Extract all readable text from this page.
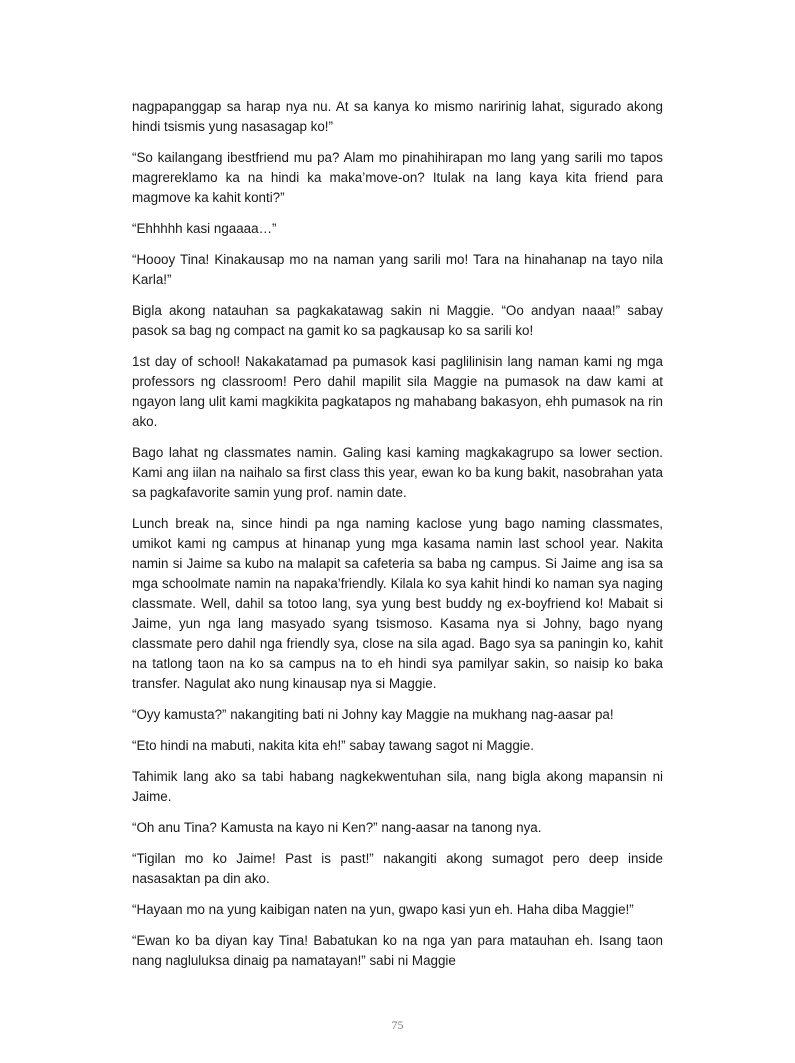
nagpapanggap sa harap nya nu. At sa kanya ko mismo naririnig lahat, sigurado akong hindi tsismis yung nasasagap ko!”

“So kailangang ibestfriend mu pa? Alam mo pinahihirapan mo lang yang sarili mo tapos magrereklamo ka na hindi ka maka’move-on? Itulak na lang kaya kita friend para magmove ka kahit konti?”

“Ehhhhh kasi ngaaaa…”

“Hoooy Tina! Kinakausap mo na naman yang sarili mo! Tara na hinahanap na tayo nila Karla!”

Bigla akong natauhan sa pagkakatawag sakin ni Maggie. “Oo andyan naaa!” sabay pasok sa bag ng compact na gamit ko sa pagkausap ko sa sarili ko!

1st day of school! Nakakatamad pa pumasok kasi paglilinisin lang naman kami ng mga professors ng classroom! Pero dahil mapilit sila Maggie na pumasok na daw kami at ngayon lang ulit kami magkikita pagkatapos ng mahabang bakasyon, ehh pumasok na rin ako.

Bago lahat ng classmates namin. Galing kasi kaming magkakagrupo sa lower section. Kami ang iilan na naihalo sa first class this year, ewan ko ba kung bakit, nasobrahan yata sa pagkafavorite samin yung prof. namin date.

Lunch break na, since hindi pa nga naming kaclose yung bago naming classmates, umikot kami ng campus at hinanap yung mga kasama namin last school year. Nakita namin si Jaime sa kubo na malapit sa cafeteria sa baba ng campus. Si Jaime ang isa sa mga schoolmate namin na napaka’friendly. Kilala ko sya kahit hindi ko naman sya naging classmate. Well, dahil sa totoo lang, sya yung best buddy ng ex-boyfriend ko! Mabait si Jaime, yun nga lang masyado syang tsismoso. Kasama nya si Johny, bago nyang classmate pero dahil nga friendly sya, close na sila agad. Bago sya sa paningin ko, kahit na tatlong taon na ko sa campus na to eh hindi sya pamilyar sakin, so naisip ko baka transfer. Nagulat ako nung kinausap nya si Maggie.

“Oyy kamusta?” nakangiting bati ni Johny kay Maggie na mukhang nag-aasar pa!

“Eto hindi na mabuti, nakita kita eh!” sabay tawang sagot ni Maggie.

Tahimik lang ako sa tabi habang nagkekwentuhan sila, nang bigla akong mapansin ni Jaime.

“Oh anu Tina? Kamusta na kayo ni Ken?” nang-aasar na tanong nya.

“Tigilan mo ko Jaime! Past is past!” nakangiti akong sumagot pero deep inside nasasaktan pa din ako.

“Hayaan mo na yung kaibigan naten na yun, gwapo kasi yun eh. Haha diba Maggie!”

“Ewan ko ba diyan kay Tina! Babatukan ko na nga yan para matauhan eh. Isang taon nang nagluluksa dinaig pa namatayan!” sabi ni Maggie

75
